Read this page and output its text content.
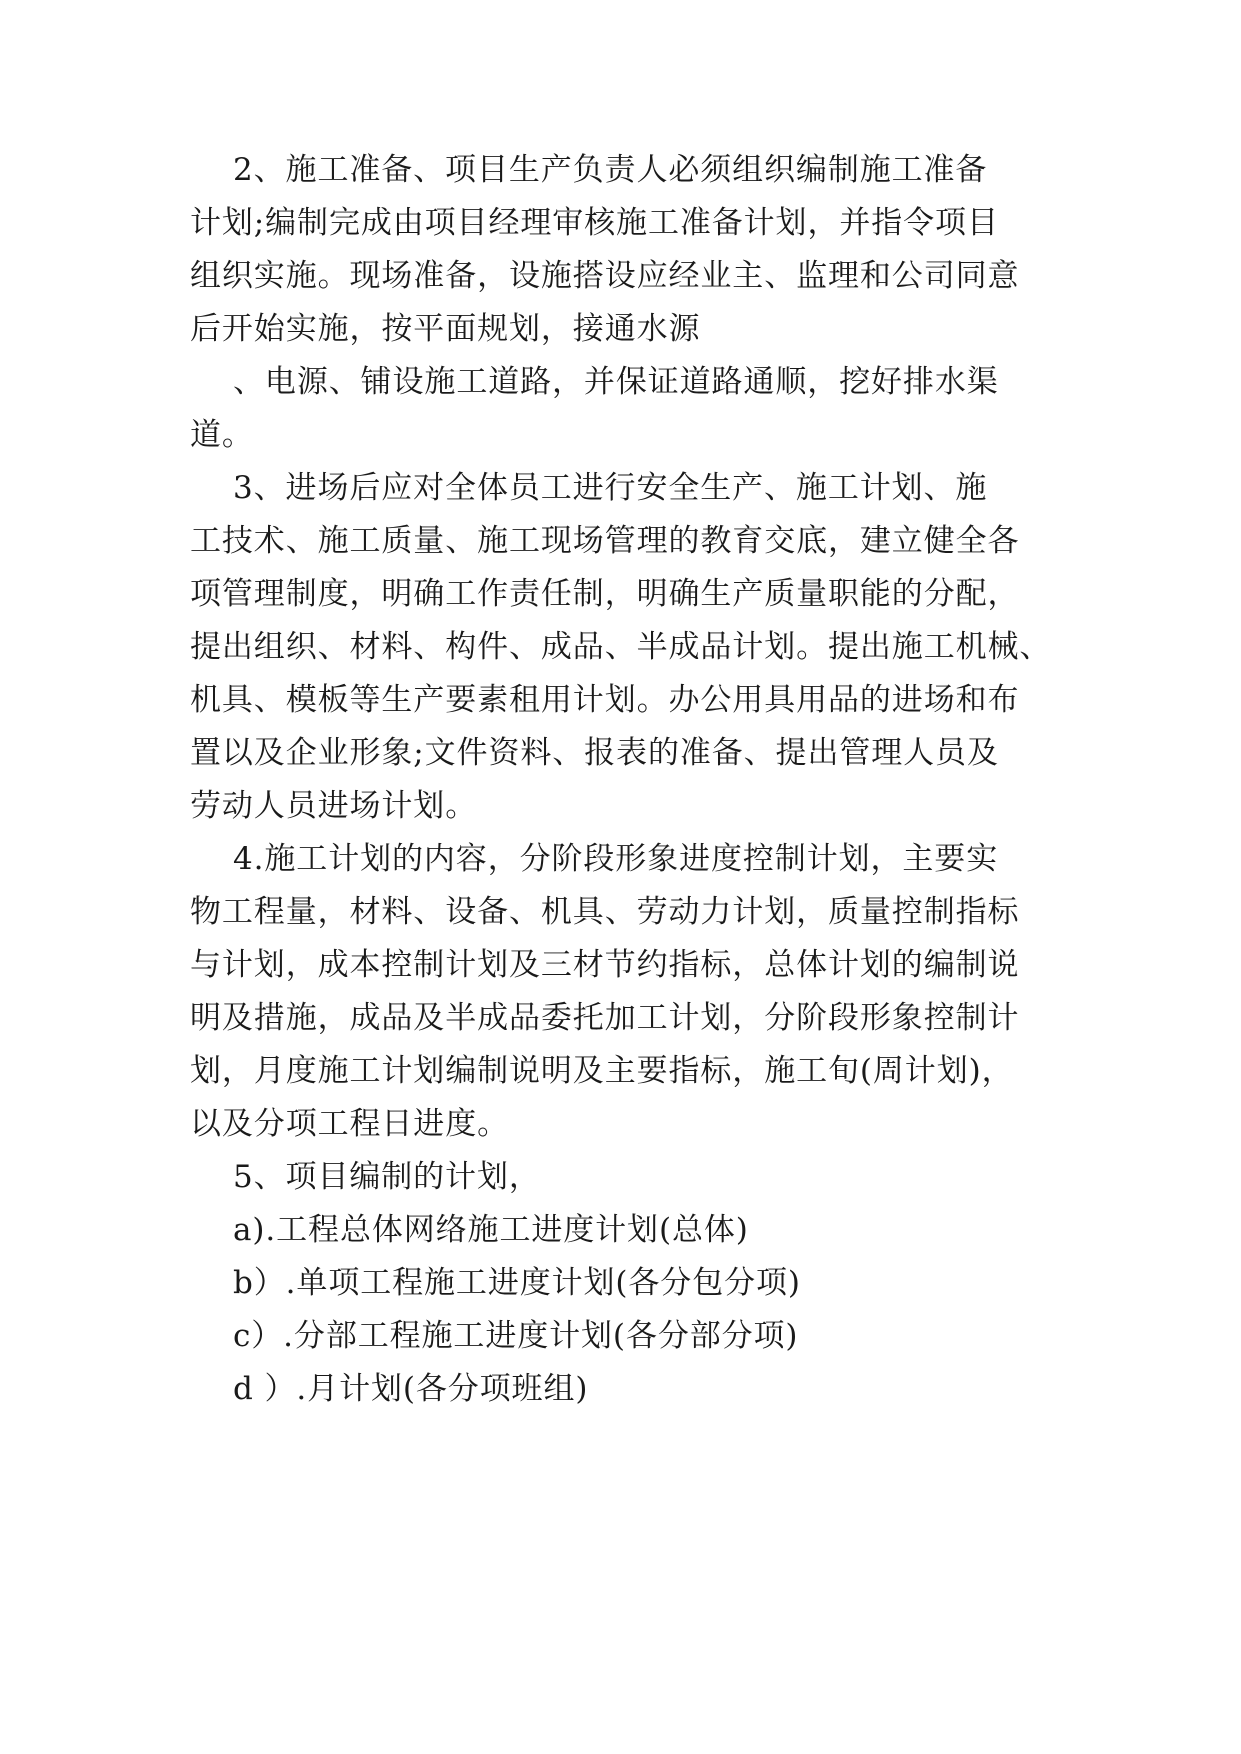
2、施工准备、项目生产负责人必须组织编制施工准备
计划;编制完成由项目经理审核施工准备计划，并指令项目
组织实施。现场准备，设施搭设应经业主、监理和公司同意
后开始实施，按平面规划，接通水源
、电源、铺设施工道路，并保证道路通顺，挖好排水渠
道。
3、进场后应对全体员工进行安全生产、施工计划、施
工技术、施工质量、施工现场管理的教育交底，建立健全各
项管理制度，明确工作责任制，明确生产质量职能的分配，
提出组织、材料、构件、成品、半成品计划。提出施工机械、
机具、模板等生产要素租用计划。办公用具用品的进场和布
置以及企业形象;文件资料、报表的准备、提出管理人员及
劳动人员进场计划。
4.施工计划的内容，分阶段形象进度控制计划，主要实
物工程量，材料、设备、机具、劳动力计划，质量控制指标
与计划，成本控制计划及三材节约指标，总体计划的编制说
明及措施，成品及半成品委托加工计划，分阶段形象控制计
划，月度施工计划编制说明及主要指标，施工旬(周计划)，
以及分项工程日进度。
5、项目编制的计划，
a).工程总体网络施工进度计划(总体)
b）.单项工程施工进度计划(各分包分项)
c）.分部工程施工进度计划(各分部分项)
d ）.月计划(各分项班组)
